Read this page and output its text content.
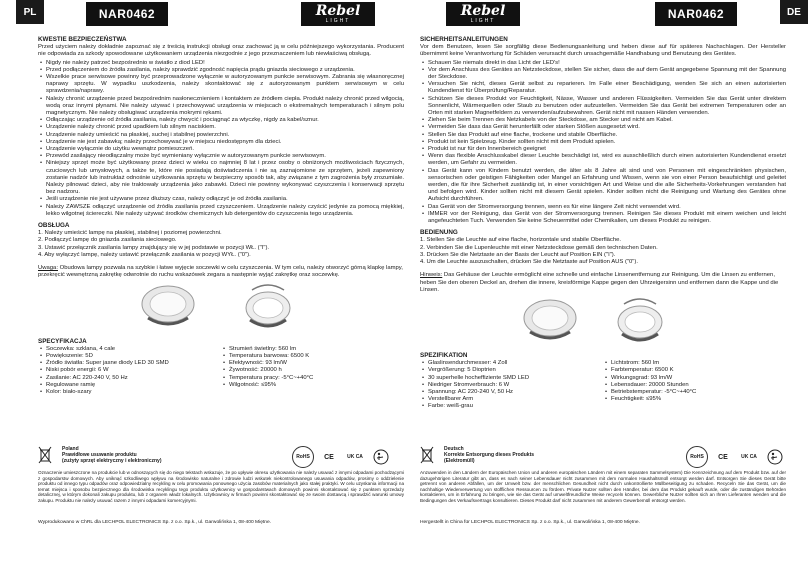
PL	NAR0462	Rebel
LIGHT
KWESTIE BEZPIECZEŃSTWA

Przed użyciem należy dokładnie zapoznać się z treścią instrukcji obsługi oraz zachować ją w celu późniejszego wykorzystania. Producent nie odpowiada za szkody spowodowane użytkowaniem urządzenia niezgodnie z jego przeznaczeniem lub niewłaściwą obsługą.

• Nigdy nie należy patrzeć bezpośrednio w światło z diod LED!
• Przed podłączeniem do źródła zasilania, należy sprawdzić zgodność napięcia prądu gniazda sieciowego z urządzenia.
• Wszelkie prace serwisowe powinny być przeprowadzone wyłącznie w autoryzowanym punkcie serwisowym. Zabrania się własnoręcznej naprawy sprzętu. W wypadku uszkodzenia, należy skontaktować się z autoryzowanym punktem serwisowym w celu sprawdzenia/naprawy.
• Należy chronić urządzenie przed bezpośrednim nasłonecznieniem i kontaktem ze źródłem ciepła. Produkt należy chronić przed wilgocią, wodą oraz innymi płynami. Nie należy używać i przechowywać urządzenia w miejscach o ekstremalnych temperaturach i silnym polu magnetycznym. Nie należy obsługiwać urządzenia mokrymi rękami.
• Odłączając urządzenie od źródła zasilania, należy chwycić i pociągnąć za wtyczkę, nigdy za kabel/sznur.
• Urządzenie należy chronić przed upadkiem lub silnym naciskiem.
• Urządzenie należy umieścić na płaskiej, suchej i stabilnej powierzchni.
• Urządzenie nie jest zabawką; należy przechowywać je w miejscu niedostępnym dla dzieci.
• Urządzenie wyłącznie do użytku wewnątrz pomieszczeń.
• Przewód zasilający nieodłączalny może być wymieniany wyłącznie w autoryzowanym punkcie serwisowym.
• Niniejszy sprzęt może być użytkowany przez dzieci w wieku co najmniej 8 lat i przez osoby o obniżonych możliwościach fizycznych, czuciowych lub umysłowych, a także te, które nie posiadają doświadczenia i nie są zaznajomione ze sprzętem, jeżeli zapewniony zostanie nadzór lub instruktaż odnośnie użytkowania sprzętu w bezpieczny sposób tak, aby związane z tym zagrożenia były zrozumiałe. Należy pilnować dzieci, aby nie traktowały urządzenia jako zabawki. Dzieci nie powinny wykonywać czyszczenia i konserwacji sprzętu bez nadzoru.
• Jeśli urządzenie nie jest używane przez dłuższy czas, należy odłączyć je od źródła zasilania.
• Należy ZAWSZE odłączyć urządzenie od źródła zasilania przed czyszczeniem. Urządzenie należy czyścić jedynie za pomocą miękkiej, lekko wilgotnej ściereczki. Nie należy używać środków chemicznych lub detergentów do czyszczenia tego urządzenia.
OBSŁUGA
1. Należy umieścić lampę na płaskiej, stabilnej i poziomej powierzchni.
2. Podłączyć lampę do gniazda zasilania sieciowego.
3. Ustawić przełącznik zasilania lampy znajdujący się w jej podstawie w pozycji WŁ. ("I").
4. Aby wyłączyć lampę, należy ustawić przełącznik zasilania w pozycji WYŁ. ("0").

Uwaga: Obudowa lampy pozwala na szybkie i łatwe wyjęcie soczewki w celu czyszczenia. W tym celu, należy otworzyć górną klapkę lampy, przekręcić wewnętrzną zakrętkę odwrotnie do ruchu wskazówek zegara a następnie wyjąć zakrętkę oraz soczewkę.

SPECYFIKACJA
• Soczewka: szklana, 4 cale
• Powiększenie: 5D
• Źródło światła: Super jasne diody LED 30 SMD
• Niski pobór energii: 6 W
• Zasilanie: AC 220-240 V, 50 Hz
• Regulowane ramię
• Kolor: biało-szary
• Strumień świetlny: 560 lm
• Temperatura barwowa: 6500 K
• Efektywność: 93 lm/W
• Żywotność: 20000 h
• Temperatura pracy: -5°C~+40°C
• Wilgotność: ≤95%
Poland
Prawidłowe usuwanie produktu
(zużyty sprzęt elektryczny i elektroniczny)
RoHS	CE	UK CA
Oznaczenie umieszczone na produkcie lub w odnoszących się do niego tekstach wskazuje, że po upływie okresu użytkowania nie należy usuwać z innymi odpadami pochodzącymi z gospodarstw domowych. Aby uniknąć szkodliwego wpływu na środowisko naturalne i zdrowie ludzi wskutek niekontrolowanego usuwania odpadów, prosimy o oddzielenie produktu od innego typu odpadów oraz odpowiedzialny recykling w celu promowania ponownego użycia zasobów materialnych jako stałej praktyki. W celu uzyskania informacji na temat miejsca i sposobu bezpiecznego dla środowiska recyklingu tego produktu użytkownicy w gospodarstwach domowych powinni skontaktować się z punktem sprzedaży detalicznej, w którym dokonali zakupu produktu, lub z organem władz lokalnych. Użytkownicy w firmach powinni skontaktować się ze swoim dostawcą i sprawdzić warunki umowy zakupu. Produktu nie należy usuwać razem z innymi odpadami komercyjnymi.
Wyprodukowano w ChRL dla LECHPOL ELECTRONICS Sp. z o.o. Sp.k., ul. Garwolińska 1, 08-400 Miętne.
DE
Rebel
LIGHT	NAR0462
SICHERHEITSANLEITUNGEN

Vor dem Benutzen, lesen Sie sorgfältig diese Bedienungsanleitung und heben diese auf für späteres Nachschlagen. Der Hersteller übernimmt keine Verantwortung für Schäden verursacht durch unsachgemäße Handhabung und Benutzung des Gerätes.

• Schauen Sie niemals direkt in das Licht der LED's!
• Vor dem Anschluss des Gerätes an Netzsteckdose, stellen Sie sicher, dass die auf dem Gerät angegebene Spannung mit der Spannung der Steckdose.
• Versuchen Sie nicht, dieses Gerät selbst zu reparieren. Im Falle einer Beschädigung, wenden Sie sich an einen autorisierten Kundendienst für Überprüfung/Reparatur.
• Schützen Sie dieses Produkt vor Feuchtigkeit, Nässe, Wasser und anderen Flüssigkeiten. Vermeiden Sie das Gerät unter direktem Sonnenlicht, Wärmequellen oder Staub zu benutzen oder aufzustellen. Vermeiden Sie das Gerät bei extremen Temperaturen oder an Orten mit starken Magnetfeldern zu verwenden/aufzubewahren. Gerät nicht mit nassen Händen verwenden.
• Ziehen Sie beim Trennen des Netzkabels von der Steckdose, am Stecker und nicht am Kabel.
• Vermeiden Sie dass das Gerät herunterfällt oder starken Stößen ausgesetzt wird.
• Stellen Sie das Produkt auf eine flache, trockene und stabile Oberfläche.
• Produkt ist kein Spielzeug. Kinder sollten nicht mit dem Produkt spielen.
• Produkt ist nur für den Innenbereich geeignet
• Wenn das flexible Anschlusskabel dieser Leuchte beschädigt ist, wird es ausschließlich durch einen autorisierten Kundendienst ersetzt werden, um Gefahr zu vermeiden.
• Das Gerät kann von Kindern benutzt werden, die älter als 8 Jahre alt sind und von Personen mit eingeschränkten physischen, sensorischen oder geistigen Fähigkeiten oder Mangel an Erfahrung und Wissen, wenn sie von einer Person beaufsichtigt und geleitet werden, die für ihre Sicherheit zuständig ist, in einer vorsichtigen Art und Weise und die alle Sicherheits-Vorkehrungen verstanden hat und befolgen wird. Kinder sollten nicht mit diesem Gerät spielen. Kinder sollten nicht die Reinigung und Wartung des Gerätes ohne Aufsicht durchführen.
• Das Gerät von der Stromversorgung trennen, wenn es für eine längere Zeit nicht verwendet wird.
• IMMER vor der Reinigung, das Gerät von der Stromversorgung trennen. Reinigen Sie dieses Produkt mit einem weichen und leicht angefeuchteten Tuch. Verwenden Sie keine Scheuermittel oder Chemikalien, um dieses Produkt zu reinigen.
BEDIENUNG
1. Stellen Sie die Leuchte auf eine flache, horizontale und stabile Oberfläche.
2. Verbinden Sie die Lupenleuchte mit einer Netzsteckdose gemäß den technischen Daten.
3. Drücken Sie die Netztaste an der Basis der Leucht auf Position EIN ("I").
4. Um die Leuchte auszuschalten, drücken Sie die Netztaste auf Position AUS ("0").

Hinweis: Das Gehäuse der Leuchte ermöglicht eine schnelle und einfache Linsenentfernung zur Reinigung. Um die Linsen zu entfernen, heben Sie den oberen Deckel an, drehen die innere, kreisförmige Kappe gegen den Uhrzeigersinn und entfernen dann die Kappe und die Linsen.

SPEZIFIKATION
• Glaslinsendurchmesser: 4 Zoll
• Vergrößerung: 5 Dioptrien
• 30 superhelle hocheffiziente SMD LED
• Niedriger Stromverbrauch: 6 W
• Spannung: AC 220-240 V, 50 Hz
• Verstellbarer Arm
• Farbe: weiß-grau
• Lichtstrom: 560 lm
• Farbtemperatur: 6500 K
• Wirkungsgrad: 93 lm/W
• Lebensdauer: 20000 Stunden
• Betriebstemperatur: -5°C~+40°C
• Feuchtigkeit: ≤95%
Deutsch
Korrekte Entsorgung dieses Produkts
(Elektromüll)
RoHS	CE	UK CA
Anzuwenden in den Ländern der Europäischen Union und anderen europäischen Ländern mit einem separaten Sammelsystem) Die Kennzeichnung auf dem Produkt bzw. auf der dazugehörigen Literatur gibt an, dass es nach seiner Lebensdauer nicht zusammen mit dem normalen Haushaltsmüll entsorgt werden darf. Entsorgen Sie dieses Gerät bitte getrennt von anderen Abfällen, um der Umwelt bzw. der menschlichen Gesundheit nicht durch unkontrollierte Müllbeseitigung zu schaden. Recyceln Sie das Gerät, um die nachhaltige Wiederverwertung von stofflichen Ressourcen zu fördern. Private Nutzer sollten den Händler, bei dem das Produkt gekauft wurde, oder die zuständigen Behörden kontaktieren, um in Erfahrung zu bringen, wie sie das Gerät auf umweltfreundliche Weise recyceln können. Gewerbliche Nutzer sollten sich an Ihren Lieferanten wenden und die Bedingungen des Verkaufsvertrags konsultieren. Dieses Produkt darf nicht zusammen mit anderem Gewerbemüll entsorgt werden.
Hergestellt in China für LECHPOL ELECTRONICS Sp. z o.o. Sp.k., ul. Garwolińska 1, 08-400 Miętne.
